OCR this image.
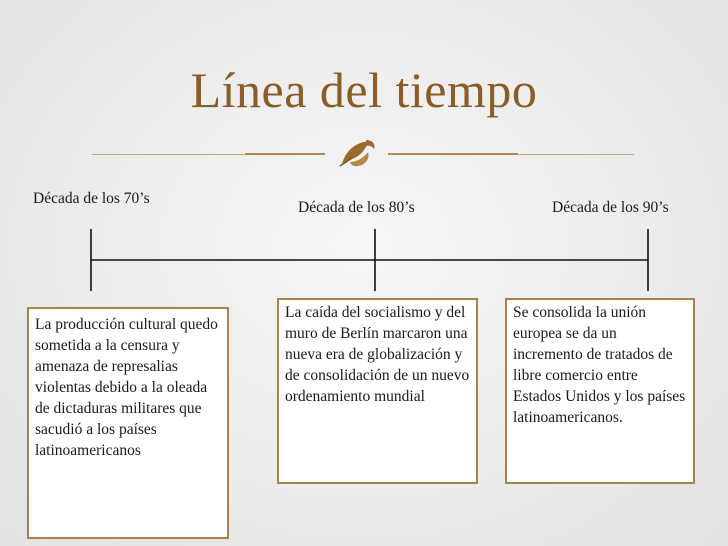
Línea del tiempo
Década de los 70’s
Década de los 80’s	Década de los 90’s
La producción cultural quedo sometida a la censura y amenaza de represalias violentas debido a la oleada de dictaduras militares que sacudió a los países latinoamericanos
La caída del socialismo y del muro de Berlín marcaron una nueva era de globalización y de consolidación de un nuevo ordenamiento mundial
Se consolida la unión europea se da un incremento de tratados de libre comercio entre Estados Unidos y los países latinoamericanos.
